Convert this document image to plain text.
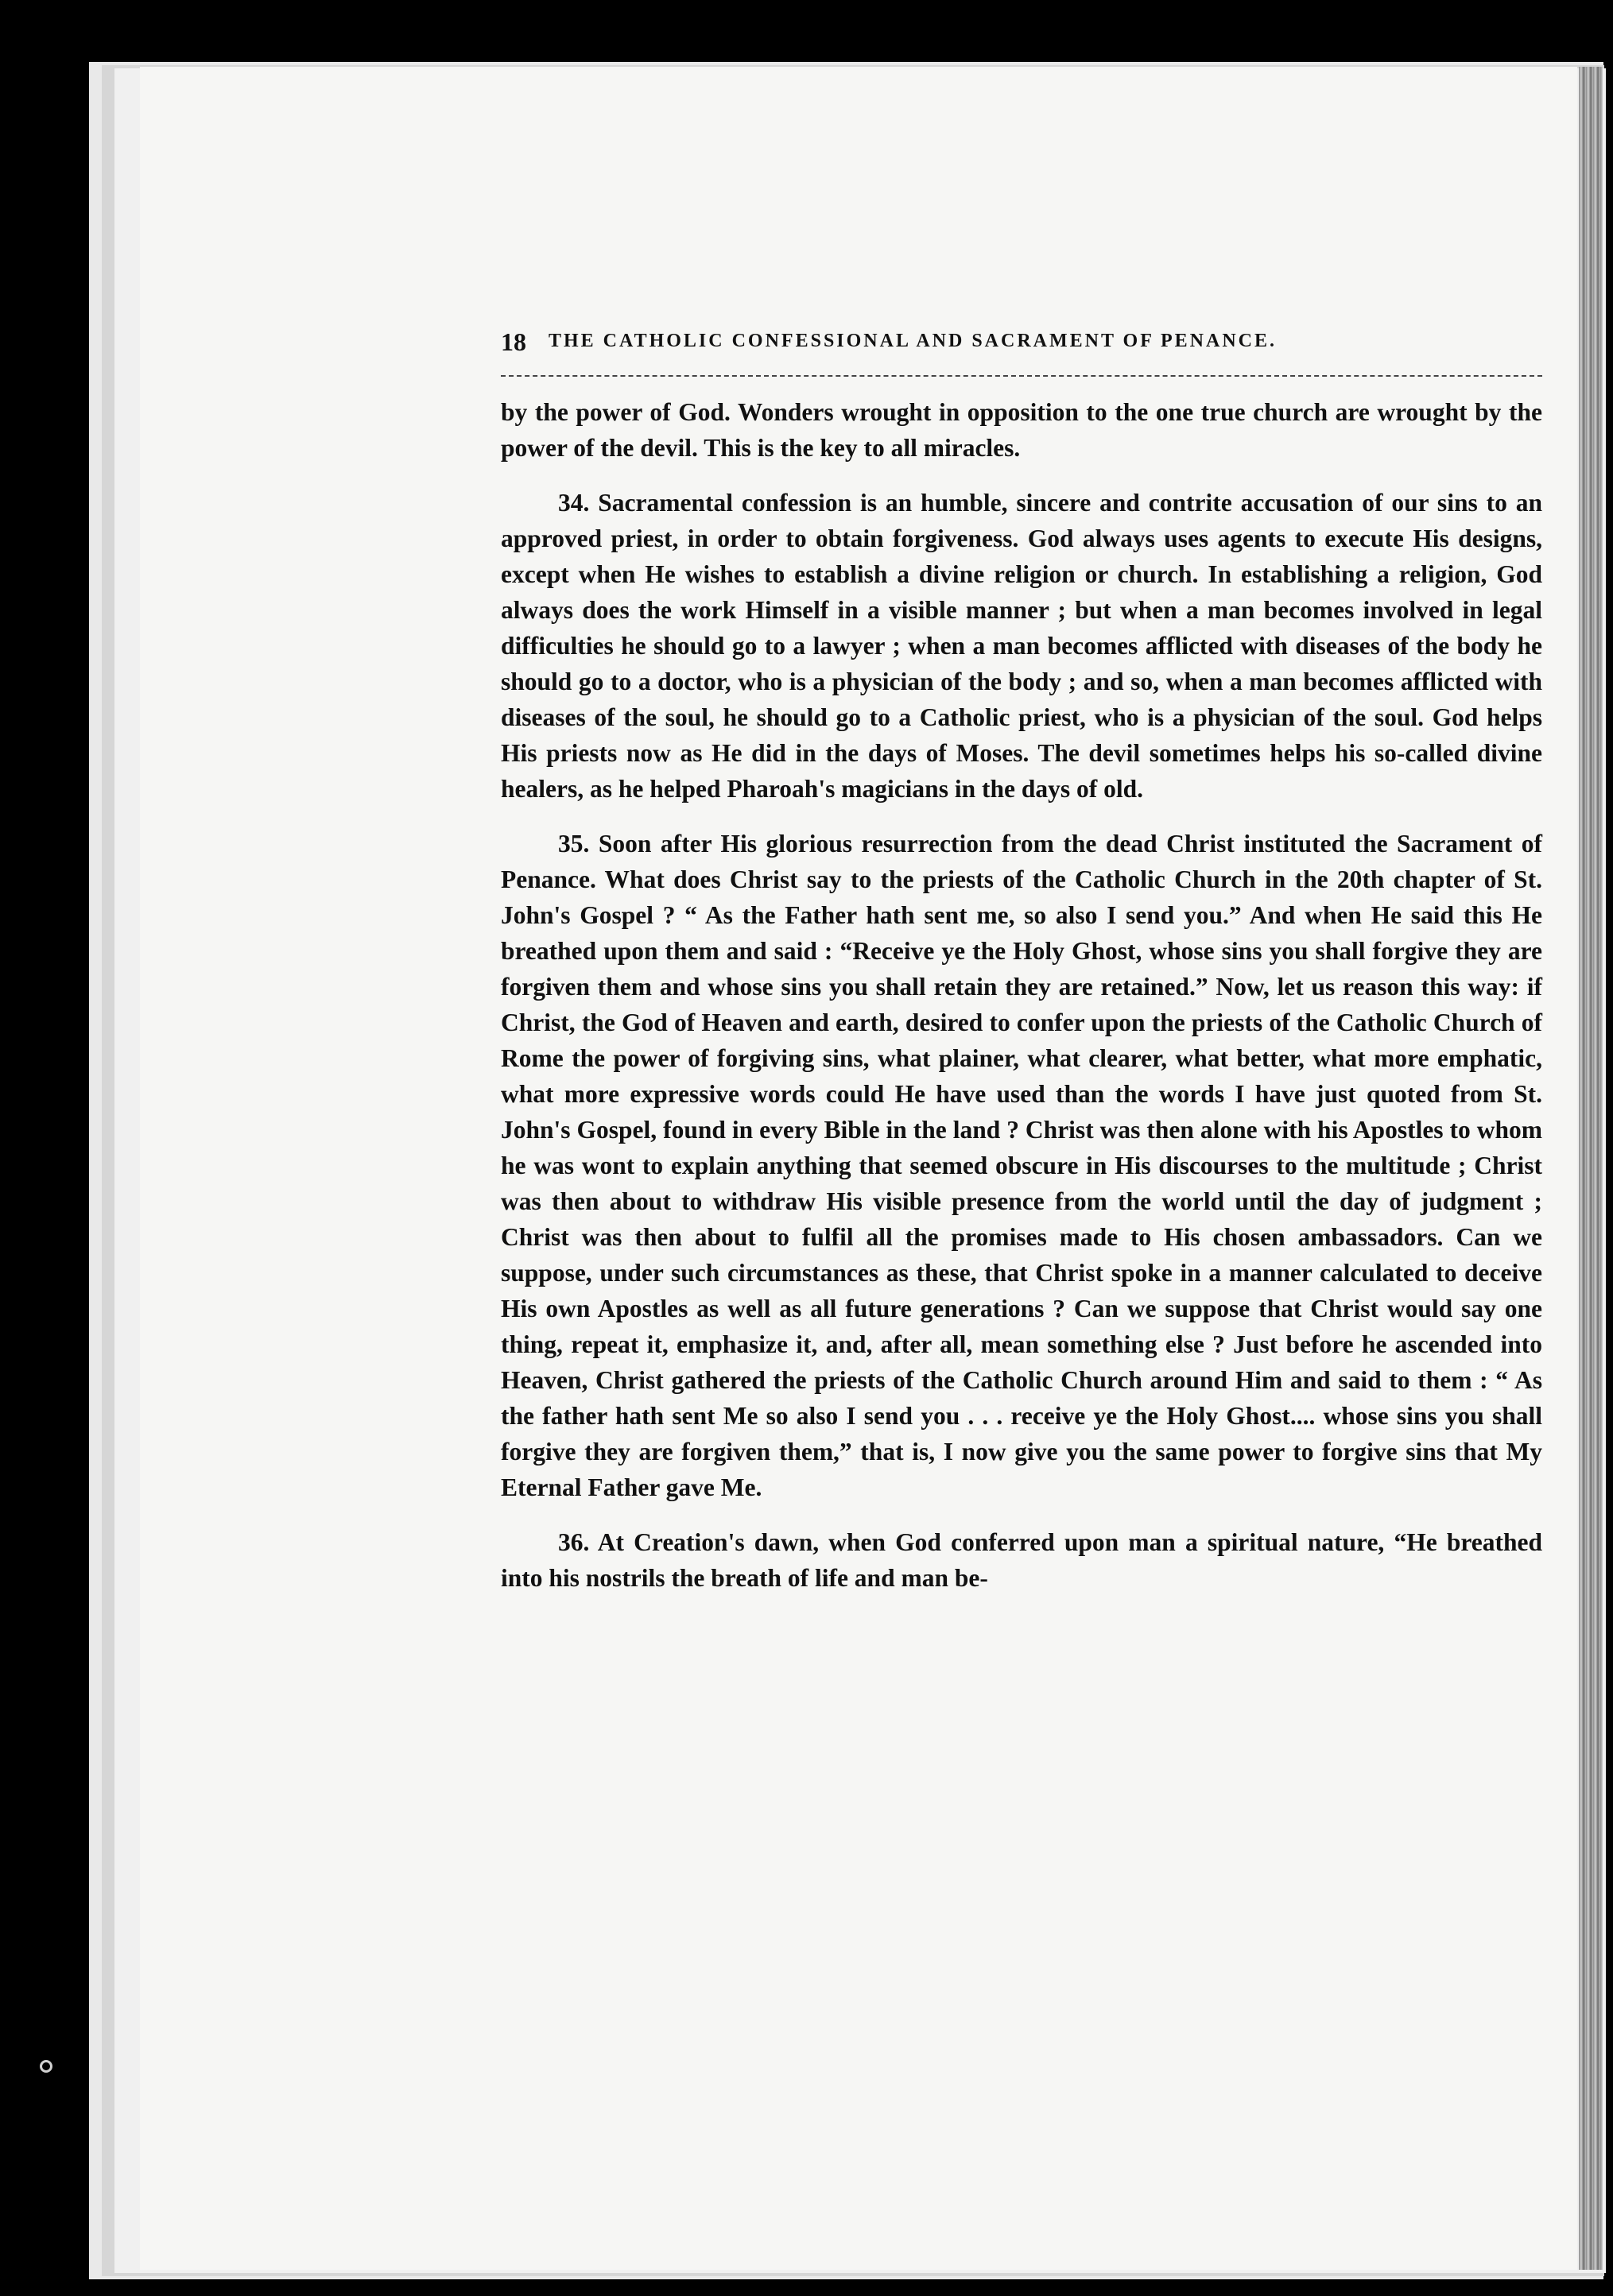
18 THE CATHOLIC CONFESSIONAL AND SACRAMENT OF PENANCE.

by the power of God. Wonders wrought in opposition to the one true church are wrought by the power of the devil. This is the key to all miracles.

34. Sacramental confession is an humble, sincere and contrite accusation of our sins to an approved priest, in order to obtain forgiveness. God always uses agents to execute His designs, except when He wishes to establish a divine religion or church. In establishing a religion, God always does the work Himself in a visible manner ; but when a man becomes involved in legal difficulties he should go to a lawyer ; when a man becomes afflicted with diseases of the body he should go to a doctor, who is a physician of the body ; and so, when a man becomes afflicted with diseases of the soul, he should go to a Catholic priest, who is a physician of the soul. God helps His priests now as He did in the days of Moses. The devil sometimes helps his so-called divine healers, as he helped Pharoah's magicians in the days of old.

35. Soon after His glorious resurrection from the dead Christ instituted the Sacrament of Penance. What does Christ say to the priests of the Catholic Church in the 20th chapter of St. John's Gospel ? “ As the Father hath sent me, so also I send you.” And when He said this He breathed upon them and said : “Receive ye the Holy Ghost, whose sins you shall forgive they are forgiven them and whose sins you shall retain they are retained.” Now, let us reason this way: if Christ, the God of Heaven and earth, desired to confer upon the priests of the Catholic Church of Rome the power of forgiving sins, what plainer, what clearer, what better, what more emphatic, what more expressive words could He have used than the words I have just quoted from St. John's Gospel, found in every Bible in the land ? Christ was then alone with his Apostles to whom he was wont to explain anything that seemed obscure in His discourses to the multitude ; Christ was then about to withdraw His visible presence from the world until the day of judgment ; Christ was then about to fulfil all the promises made to His chosen ambassadors. Can we suppose, under such circumstances as these, that Christ spoke in a manner calculated to deceive His own Apostles as well as all future generations ? Can we suppose that Christ would say one thing, repeat it, emphasize it, and, after all, mean something else ? Just before he ascended into Heaven, Christ gathered the priests of the Catholic Church around Him and said to them : “ As the father hath sent Me so also I send you . . . receive ye the Holy Ghost.... whose sins you shall forgive they are forgiven them,” that is, I now give you the same power to forgive sins that My Eternal Father gave Me.

36. At Creation's dawn, when God conferred upon man a spiritual nature, “He breathed into his nostrils the breath of life and man be-
